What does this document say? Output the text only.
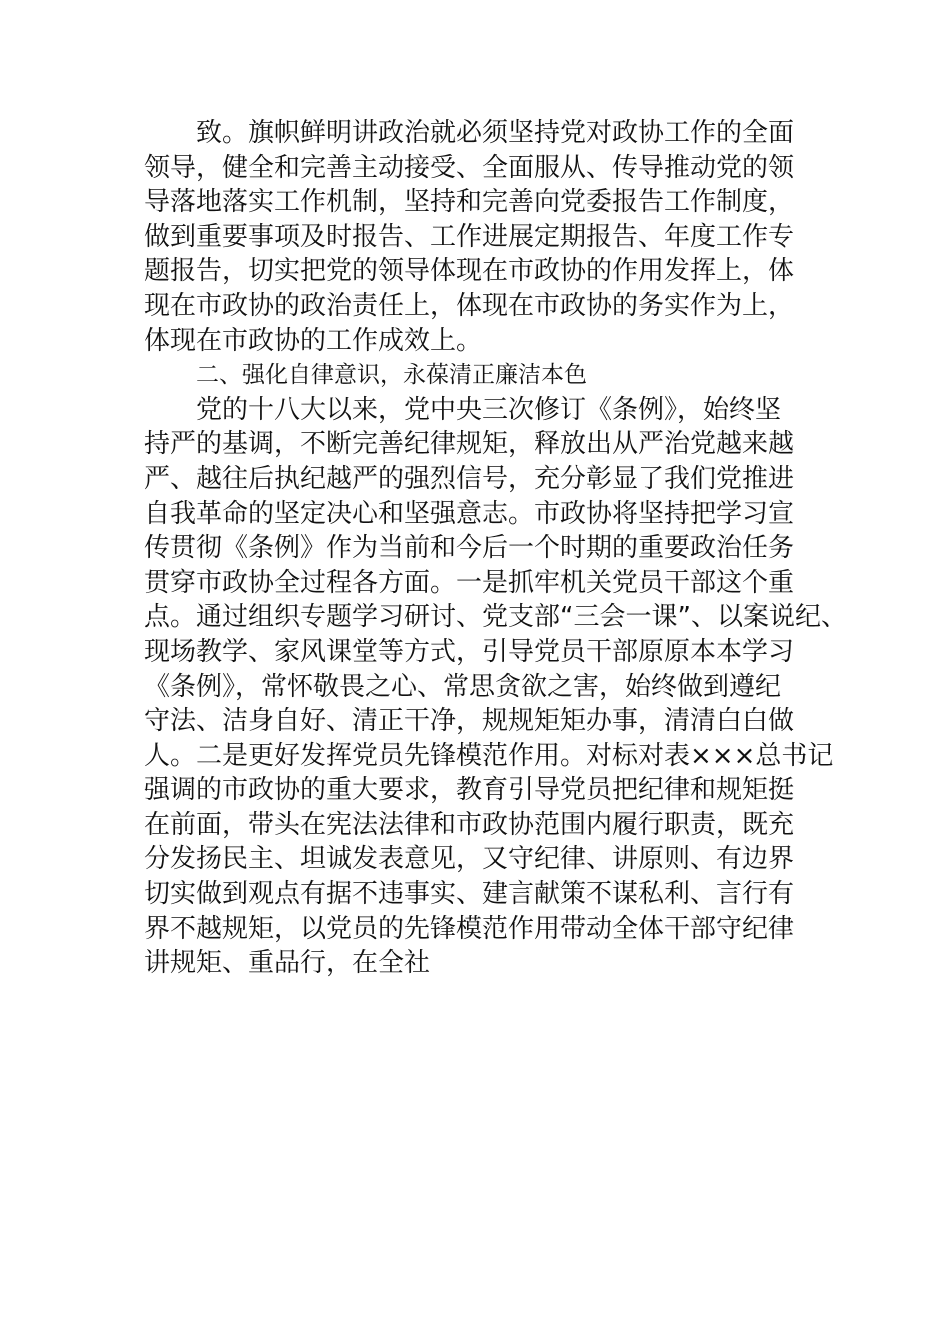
致。旗帜鲜明讲政治就必须坚持党对政协工作的全面
领导，健全和完善主动接受、全面服从、传导推动党的领
导落地落实工作机制，坚持和完善向党委报告工作制度，
做到重要事项及时报告、工作进展定期报告、年度工作专
题报告，切实把党的领导体现在市政协的作用发挥上，体
现在市政协的政治责任上，体现在市政协的务实作为上，
体现在市政协的工作成效上。
二、强化自律意识，永葆清正廉洁本色
党的十八大以来，党中央三次修订《条例》，始终坚
持严的基调，不断完善纪律规矩，释放出从严治党越来越
严、越往后执纪越严的强烈信号，充分彰显了我们党推进
自我革命的坚定决心和坚强意志。市政协将坚持把学习宣
传贯彻《条例》作为当前和今后一个时期的重要政治任务
贯穿市政协全过程各方面。一是抓牢机关党员干部这个重
点。通过组织专题学习研讨、党支部“三会一课”、以案说纪、
现场教学、家风课堂等方式，引导党员干部原原本本学习
《条例》，常怀敬畏之心、常思贪欲之害，始终做到遵纪
守法、洁身自好、清正干净，规规矩矩办事，清清白白做
人。二是更好发挥党员先锋模范作用。对标对表×××总书记
强调的市政协的重大要求，教育引导党员把纪律和规矩挺
在前面，带头在宪法法律和市政协范围内履行职责，既充
分发扬民主、坦诚发表意见，又守纪律、讲原则、有边界
切实做到观点有据不违事实、建言献策不谋私利、言行有
界不越规矩，以党员的先锋模范作用带动全体干部守纪律
讲规矩、重品行，在全社
